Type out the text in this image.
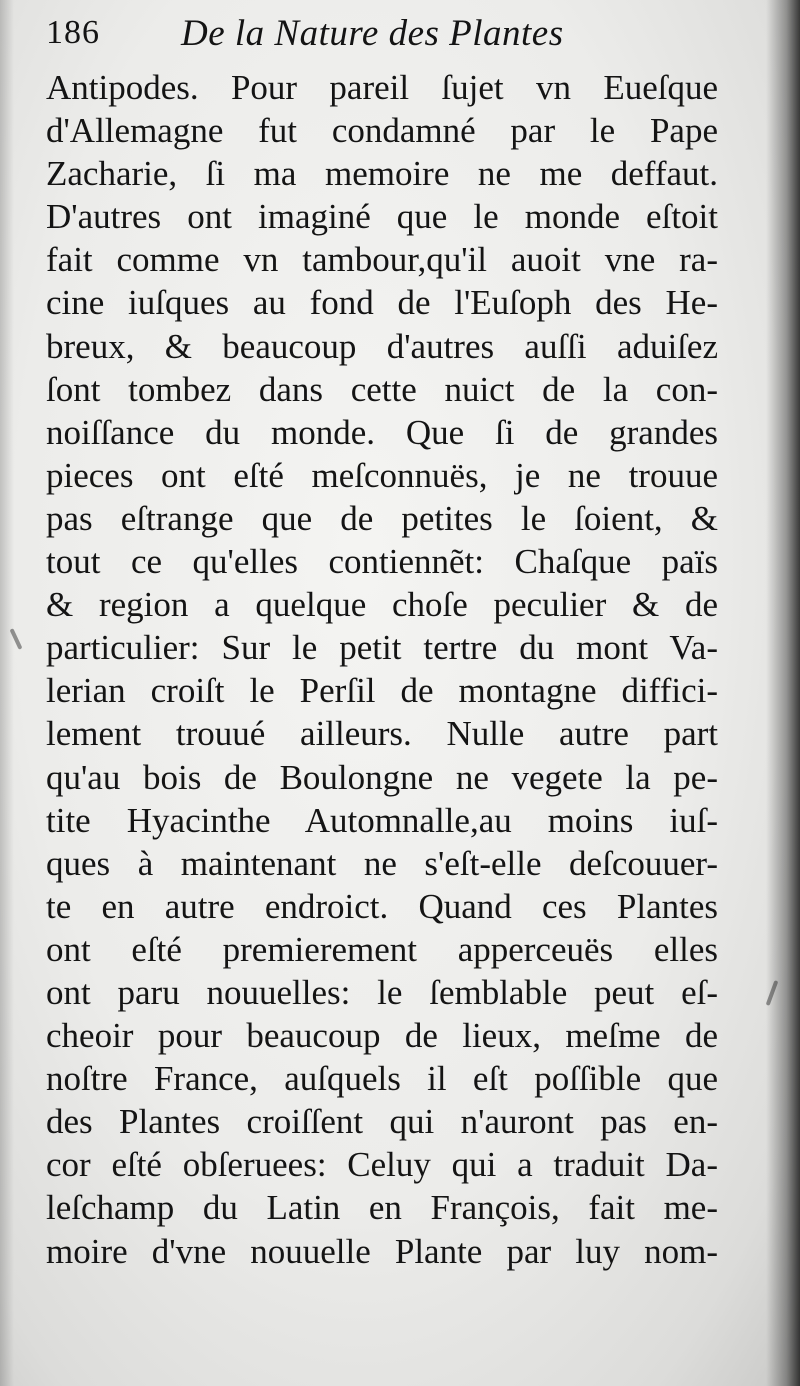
186 De la Nature des Plantes
Antipodes. Pour pareil ſujet vn Eueſque
d'Allemagne fut condamné par le Pape
Zacharie, ſi ma memoire ne me deffaut.
D'autres ont imaginé que le monde eſtoit
fait comme vn tambour,qu'il auoit vne ra-
cine iuſques au fond de l'Euſoph des He-
breux, & beaucoup d'autres auſſi aduiſez
ſont tombez dans cette nuict de la con-
noiſſance du monde. Que ſi de grandes
pieces ont eſté meſconnuës, je ne trouue
pas eſtrange que de petites le ſoient, &
tout ce qu'elles contiennẽt: Chaſque païs
& region a quelque choſe peculier & de
particulier: Sur le petit tertre du mont Va-
lerian croiſt le Perſil de montagne diffici-
lement trouué ailleurs. Nulle autre part
qu'au bois de Boulongne ne vegete la pe-
tite Hyacinthe Automnalle,au moins iuſ-
ques à maintenant ne s'eſt-elle deſcouuer-
te en autre endroict. Quand ces Plantes
ont eſté premierement apperceuës elles
ont paru nouuelles: le ſemblable peut eſ-
cheoir pour beaucoup de lieux, meſme de
noſtre France, auſquels il eſt poſſible que
des Plantes croiſſent qui n'auront pas en-
cor eſté obſeruees: Celuy qui a traduit Da-
leſchamp du Latin en François, fait me-
moire d'vne nouuelle Plante par luy nom-
